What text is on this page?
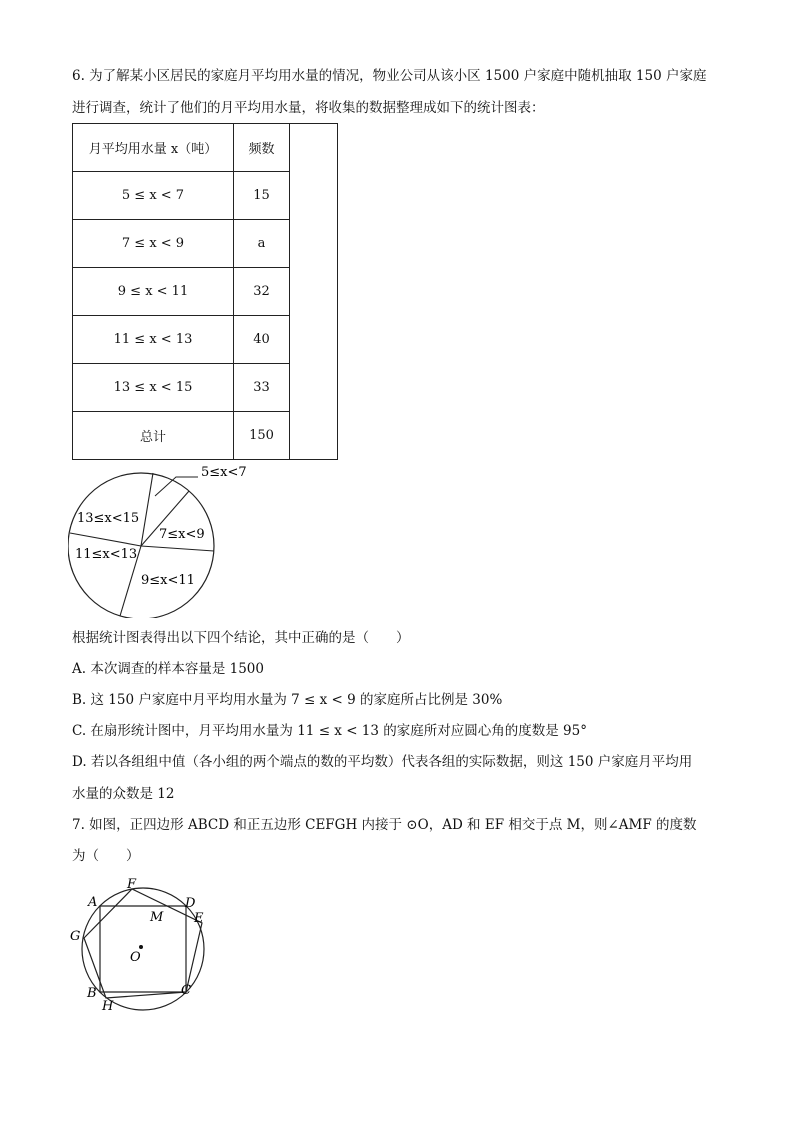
6. 为了解某小区居民的家庭月平均用水量的情况，物业公司从该小区 1500 户家庭中随机抽取 150 户家庭
进行调查，统计了他们的月平均用水量，将收集的数据整理成如下的统计图表：
月平均用水量 x（吨）	频数	
5 ≤ x < 7	15	
7 ≤ x < 9	a	
9 ≤ x < 11	32	
11 ≤ x < 13	40	
13 ≤ x < 15	33	
总计	150	
5≤x<7
7≤x<9
9≤x<11
11≤x<13
13≤x<15
根据统计图表得出以下四个结论，其中正确的是（　　）
A. 本次调查的样本容量是 1500
B. 这 150 户家庭中月平均用水量为 7 ≤ x < 9 的家庭所占比例是 30%
C. 在扇形统计图中，月平均用水量为 11 ≤ x < 13 的家庭所对应圆心角的度数是 95°
D. 若以各组组中值（各小组的两个端点的数的平均数）代表各组的实际数据，则这 150 户家庭月平均用
水量的众数是 12
7. 如图，正四边形 ABCD 和正五边形 CEFGH 内接于 ⊙O，AD 和 EF 相交于点 M，则∠AMF 的度数
为（　　）
A
B	C
D
E
F
G
H
M
O
